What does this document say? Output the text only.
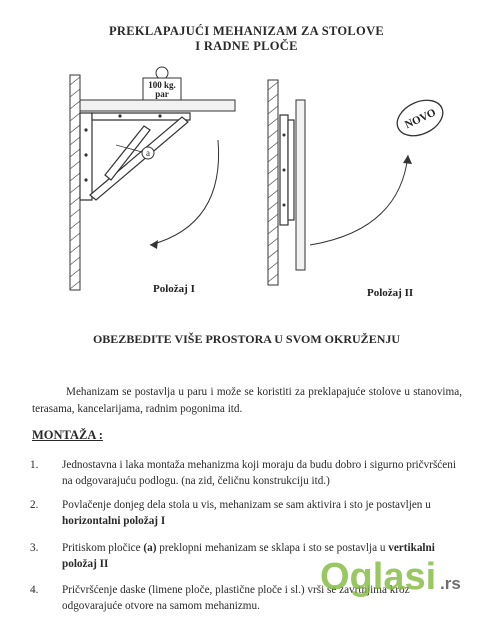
PREKLAPAJUĆI MEHANIZAM ZA STOLOVE
I RADNE PLOČE
100 kg.
par
a
Položaj I	Položaj II
NOVO
OBEZBEDITE VIŠE PROSTORA U SVOM OKRUŽENJU
Mehanizam se postavlja u paru i može se koristiti za preklapajuće stolove u stanovima, terasama, kancelarijama, radnim pogonima itd.
MONTAŽA :
1.	Jednostavna i laka montaža mehanizma koji moraju da budu dobro i sigurno pričvršćeni na odgovarajuću podlogu. (na zid, čeličnu konstrukciju itd.)
2.	Povlačenje donjeg dela stola u vis, mehanizam se sam aktivira i sto je postavljen u horizontalni položaj I
3.	Pritiskom pločice (a) preklopni mehanizam se sklapa i sto se postavlja u vertikalni položaj II
4.	Pričvršćenje daske (limene ploče, plastične ploče i sl.) vrši se zavrtnjima kroz odgovarajuće otvore na samom mehanizmu.
Oglasi .rs
